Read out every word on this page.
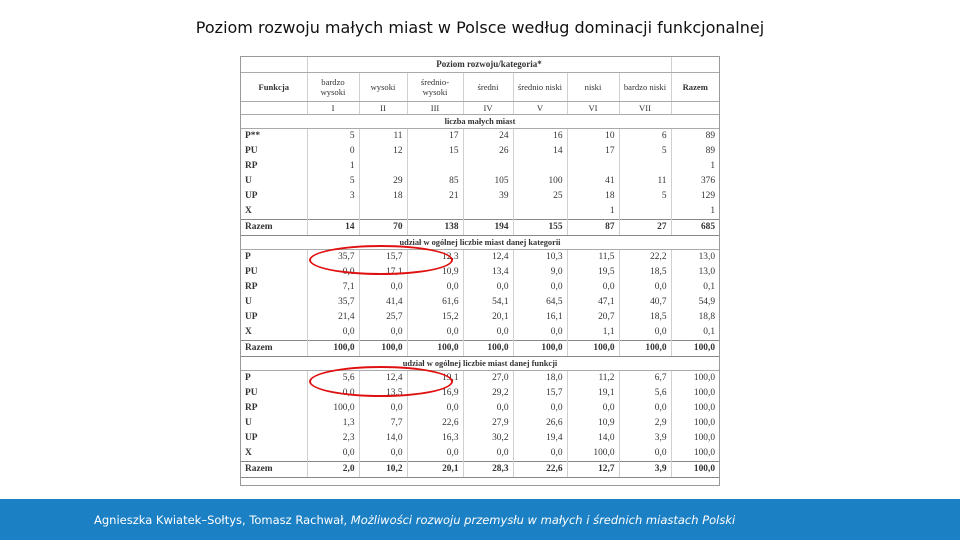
Poziom rozwoju małych miast w Polsce według dominacji funkcjonalnej
	Poziom rozwoju/kategoria*							
Funkcja	bardzo wysoki	wysoki	średnio-wysoki	średni	średnio niski	niski	bardzo niski	Razem
	I	II	III	IV	V	VI	VII	
liczba małych miast								
P**	5	11	17	24	16	10	6	89
PU	0	12	15	26	14	17	5	89
RP	1							1
U	5	29	85	105	100	41	11	376
UP	3	18	21	39	25	18	5	129
X						1		1
Razem	14	70	138	194	155	87	27	685
udział w ogólnej liczbie miast danej kategorii								
P	35,7	15,7	12,3	12,4	10,3	11,5	22,2	13,0
PU	0,0	17,1	10,9	13,4	9,0	19,5	18,5	13,0
RP	7,1	0,0	0,0	0,0	0,0	0,0	0,0	0,1
U	35,7	41,4	61,6	54,1	64,5	47,1	40,7	54,9
UP	21,4	25,7	15,2	20,1	16,1	20,7	18,5	18,8
X	0,0	0,0	0,0	0,0	0,0	1,1	0,0	0,1
Razem	100,0	100,0	100,0	100,0	100,0	100,0	100,0	100,0
udział w ogólnej liczbie miast danej funkcji								
P	5,6	12,4	19,1	27,0	18,0	11,2	6,7	100,0
PU	0,0	13,5	16,9	29,2	15,7	19,1	5,6	100,0
RP	100,0	0,0	0,0	0,0	0,0	0,0	0,0	100,0
U	1,3	7,7	22,6	27,9	26,6	10,9	2,9	100,0
UP	2,3	14,0	16,3	30,2	19,4	14,0	3,9	100,0
X	0,0	0,0	0,0	0,0	0,0	100,0	0,0	100,0
Razem	2,0	10,2	20,1	28,3	22,6	12,7	3,9	100,0
Agnieszka Kwiatek–Sołtys, Tomasz Rachwał, Możliwości rozwoju przemysłu w małych i średnich miastach Polski
